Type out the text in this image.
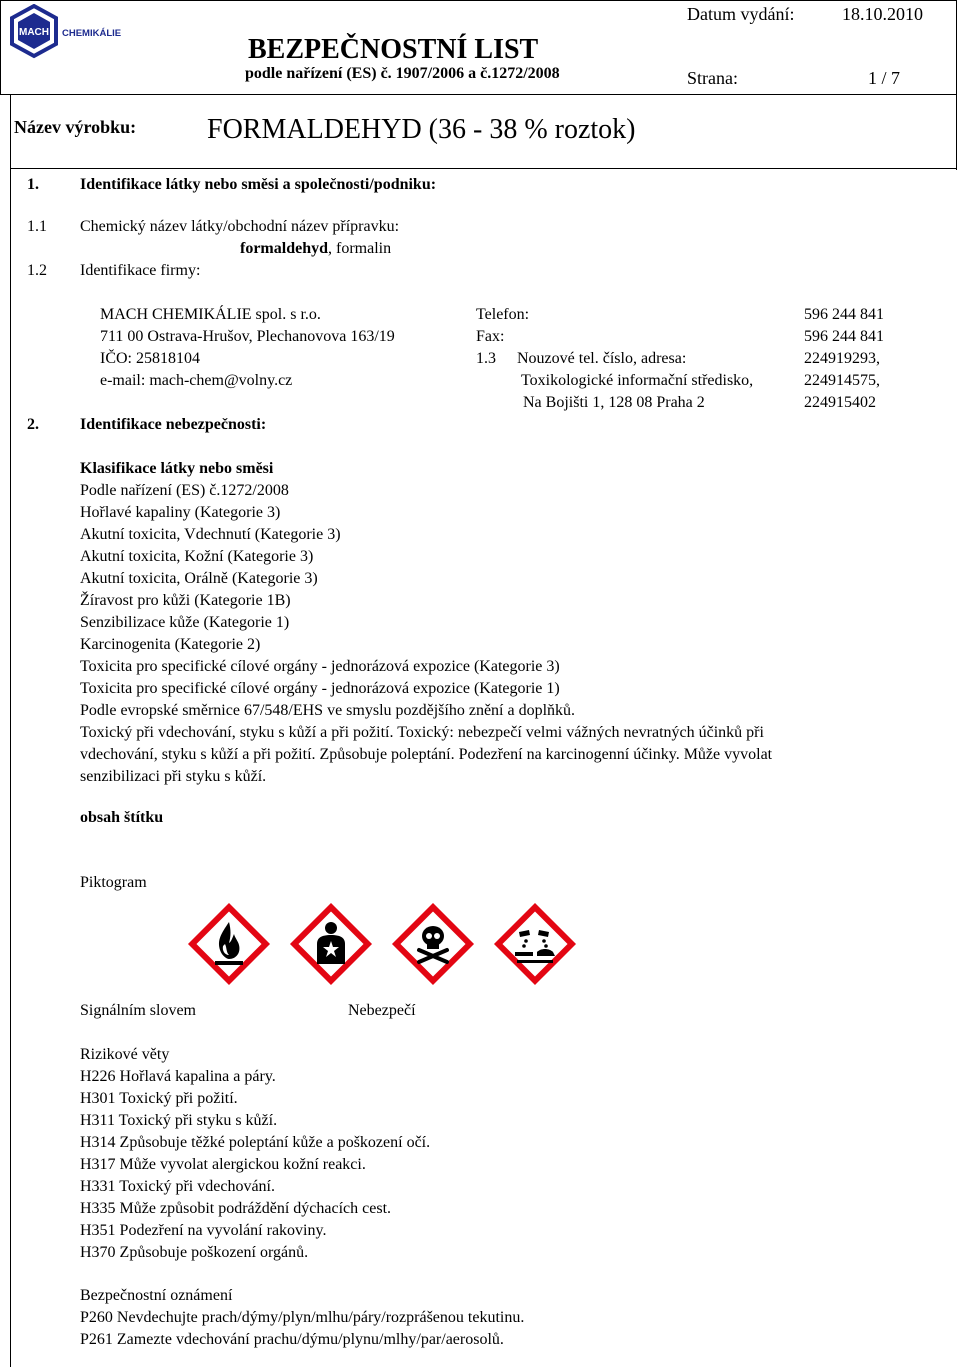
MACH CHEMIKÁLIE
BEZPEČNOSTNÍ LIST
podle nařízení (ES) č. 1907/2006 a č.1272/2008
Datum vydání:	18.10.2010
Strana:	1 / 7
Název výrobku:	FORMALDEHYD (36 - 38 % roztok)
1.	Identifikace látky nebo směsi a společnosti/podniku:
1.1 Chemický název látky/obchodní název přípravku:
formaldehyd, formalin
1.2 Identifikace firmy:
MACH CHEMIKÁLIE spol. s r.o.
711 00 Ostrava-Hrušov, Plechanovova 163/19
IČO: 25818104
e-mail: mach-chem@volny.cz
Telefon:	596 244 841
Fax:	596 244 841
1.3 Nouzové tel. číslo, adresa:	224919293,
Toxikologické informační středisko,	224914575,
Na Bojišti 1, 128 08 Praha 2	224915402
2.	Identifikace nebezpečnosti:
Klasifikace látky nebo směsi
Podle nařízení (ES) č.1272/2008
Hořlavé kapaliny (Kategorie 3)
Akutní toxicita, Vdechnutí (Kategorie 3)
Akutní toxicita, Kožní (Kategorie 3)
Akutní toxicita, Orálně (Kategorie 3)
Žíravost pro kůži (Kategorie 1B)
Senzibilizace kůže (Kategorie 1)
Karcinogenita (Kategorie 2)
Toxicita pro specifické cílové orgány - jednorázová expozice (Kategorie 3)
Toxicita pro specifické cílové orgány - jednorázová expozice (Kategorie 1)
Podle evropské směrnice 67/548/EHS ve smyslu pozdějšího znění a doplňků.
Toxický při vdechování, styku s kůží a při požití. Toxický: nebezpečí velmi vážných nevratných účinků při
vdechování, styku s kůží a při požití. Způsobuje poleptání. Podezření na karcinogenní účinky. Může vyvolat
senzibilizaci při styku s kůží.
obsah štítku
Piktogram
Signálním slovem	Nebezpečí
Rizikové věty
H226 Hořlavá kapalina a páry.
H301 Toxický při požití.
H311 Toxický při styku s kůží.
H314 Způsobuje těžké poleptání kůže a poškození očí.
H317 Může vyvolat alergickou kožní reakci.
H331 Toxický při vdechování.
H335 Může způsobit podráždění dýchacích cest.
H351 Podezření na vyvolání rakoviny.
H370 Způsobuje poškození orgánů.
Bezpečnostní oznámení
P260 Nevdechujte prach/dýmy/plyn/mlhu/páry/rozprášenou tekutinu.
P261 Zamezte vdechování prachu/dýmu/plynu/mlhy/par/aerosolů.
